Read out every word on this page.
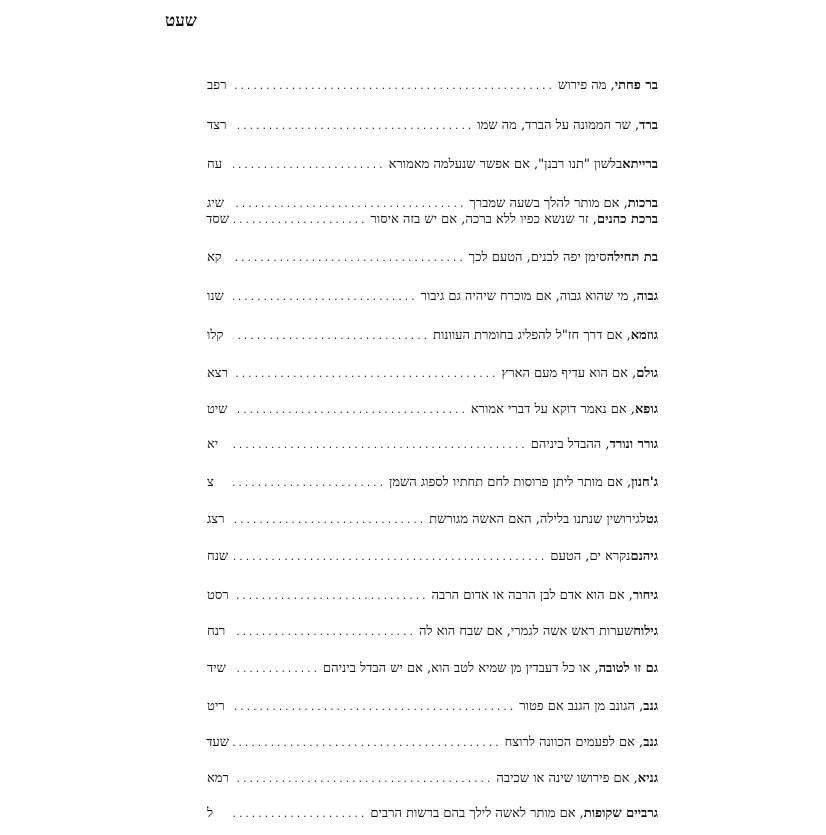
שעט
בר פחתי
, מה פירוש
.....
רפב
ברד
, שר הממונה על הברד, מה שמו
.....
רצד
ברייתא
בלשון "תנו רבנן", אם אפשר שנעלמה מאמורא
.....
עח
ברכות
, אם מותר להלך בשעה שמברך
.....
שיג
ברכת כהנים
, זר שנשא כפיו ללא ברכה, אם יש בזה איסור
.....
שסד
בת תחילה
סימן יפה לבנים, הטעם לכך
.....
קא
גבוה
, מי שהוא גבוה, אם מוכרח שיהיה גם גיבור
.....
שנו
גוזמא
, אם דרך חז"ל להפליג בחומרת העוונות
.....
קלו
גולם
, אם הוא עדיף מעם הארץ
.....
רצא
גופא
, אם נאמר דוקא על דברי אמורא
.....
שיט
גורר ונורד
, ההבדל ביניהם
.....
יא
ג'חנון
, אם מותר ליתן פרוסות לחם תחתיו לספוג השמן
.....
צ
גט
לגירושין שנתנו בלילה, האם האשה מגורשת
.....
רצג
גיהנם
נקרא ים, הטעם
.....
שנח
גיחור
, אם הוא אדם לבן הרבה או אדום הרבה
.....
רסט
גילוח
שערות ראש אשה לגמרי, אם שבח הוא לה
.....
רנח
גם זו לטובה
, או כל דעבדין מן שמיא לטב הוא, אם יש הבדל ביניהם
.....
שיד
גנב
, הגונב מן הגנב אם פטור
.....
ריט
גנב
, אם לפעמים הכוונה לרוצח
.....
שעד
גניא
, אם פירושו שינה או שכיבה
.....
רמא
גרביים שקופות
, אם מותר לאשה לילך בהם ברשות הרבים
.....
ל
